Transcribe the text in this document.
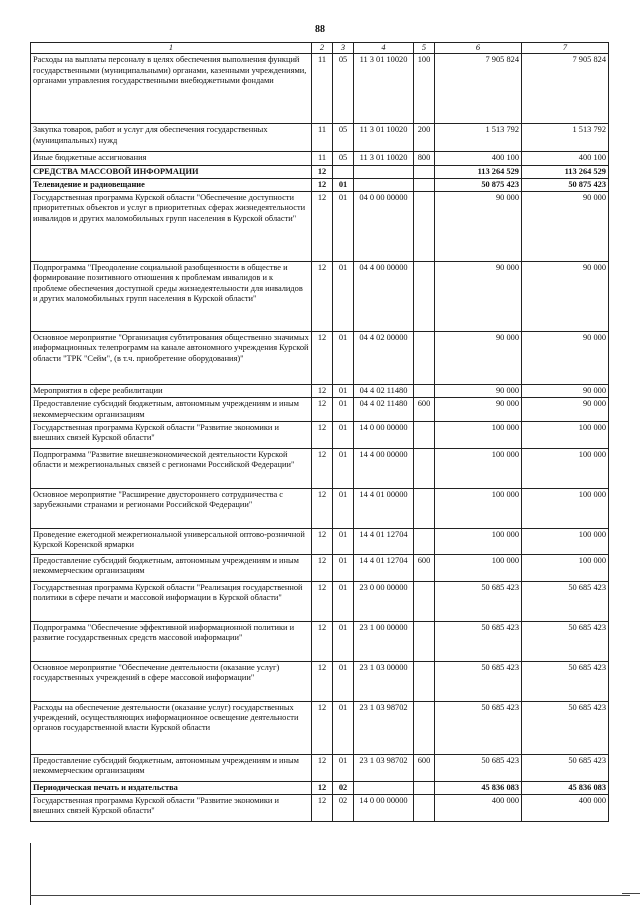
88
1	2	3	4	5	6	7
Расходы на выплаты персоналу в целях обеспечения выполнения функций государственными (муниципальными) органами, казенными учреждениями, органами управления государственными внебюджетными фондами	11	05	11 3 01 10020	100	7 905 824	7 905 824
Закупка товаров, работ и услуг для обеспечения государственных (муниципальных) нужд	11	05	11 3 01 10020	200	1 513 792	1 513 792
Иные бюджетные ассигнования	11	05	11 3 01 10020	800	400 100	400 100
СРЕДСТВА МАССОВОЙ ИНФОРМАЦИИ	12				113 264 529	113 264 529
Телевидение и радиовещание	12	01			50 875 423	50 875 423
Государственная программа Курской области "Обеспечение доступности приоритетных объектов и услуг в приоритетных сферах жизнедеятельности инвалидов и других маломобильных групп населения в Курской области"	12	01	04 0 00 00000		90 000	90 000
Подпрограмма "Преодоление социальной разобщенности в обществе и формирование позитивного отношения к проблемам инвалидов и к проблеме обеспечения доступной среды жизнедеятельности для инвалидов и других маломобильных групп населения в Курской области"	12	01	04 4 00 00000		90 000	90 000
Основное мероприятие "Организация субтитрования общественно значимых информационных телепрограмм на канале автономного учреждения Курской области "ТРК "Сейм", (в т.ч. приобретение оборудования)"	12	01	04 4 02 00000		90 000	90 000
Мероприятия в сфере реабилитации	12	01	04 4 02 11480		90 000	90 000
Предоставление субсидий бюджетным, автономным учреждениям и иным некоммерческим организациям	12	01	04 4 02 11480	600	90 000	90 000
Государственная программа Курской области "Развитие экономики и внешних связей Курской области"	12	01	14 0 00 00000		100 000	100 000
Подпрограмма "Развитие внешнеэкономической деятельности Курской области и межрегиональных связей с регионами Российской Федерации"	12	01	14 4 00 00000		100 000	100 000
Основное мероприятие "Расширение двустороннего сотрудничества с зарубежными странами и регионами Российской Федерации"	12	01	14 4 01 00000		100 000	100 000
Проведение ежегодной межрегиональной универсальной оптово-розничной Курской Коренской ярмарки	12	01	14 4 01 12704		100 000	100 000
Предоставление субсидий бюджетным, автономным учреждениям и иным некоммерческим организациям	12	01	14 4 01 12704	600	100 000	100 000
Государственная программа Курской области "Реализация государственной политики в сфере печати и массовой информации в Курской области"	12	01	23 0 00 00000		50 685 423	50 685 423
Подпрограмма "Обеспечение эффективной информационной политики и развитие государственных средств массовой информации"	12	01	23 1 00 00000		50 685 423	50 685 423
Основное мероприятие "Обеспечение деятельности (оказание услуг) государственных учреждений в сфере массовой информации"	12	01	23 1 03 00000		50 685 423	50 685 423
Расходы на обеспечение деятельности (оказание услуг) государственных учреждений, осуществляющих информационное освещение деятельности органов государственной власти Курской области	12	01	23 1 03 98702		50 685 423	50 685 423
Предоставление субсидий бюджетным, автономным учреждениям и иным некоммерческим организациям	12	01	23 1 03 98702	600	50 685 423	50 685 423
Периодическая печать и издательства	12	02			45 836 083	45 836 083
Государственная программа Курской области "Развитие экономики и внешних связей Курской области"	12	02	14 0 00 00000		400 000	400 000
